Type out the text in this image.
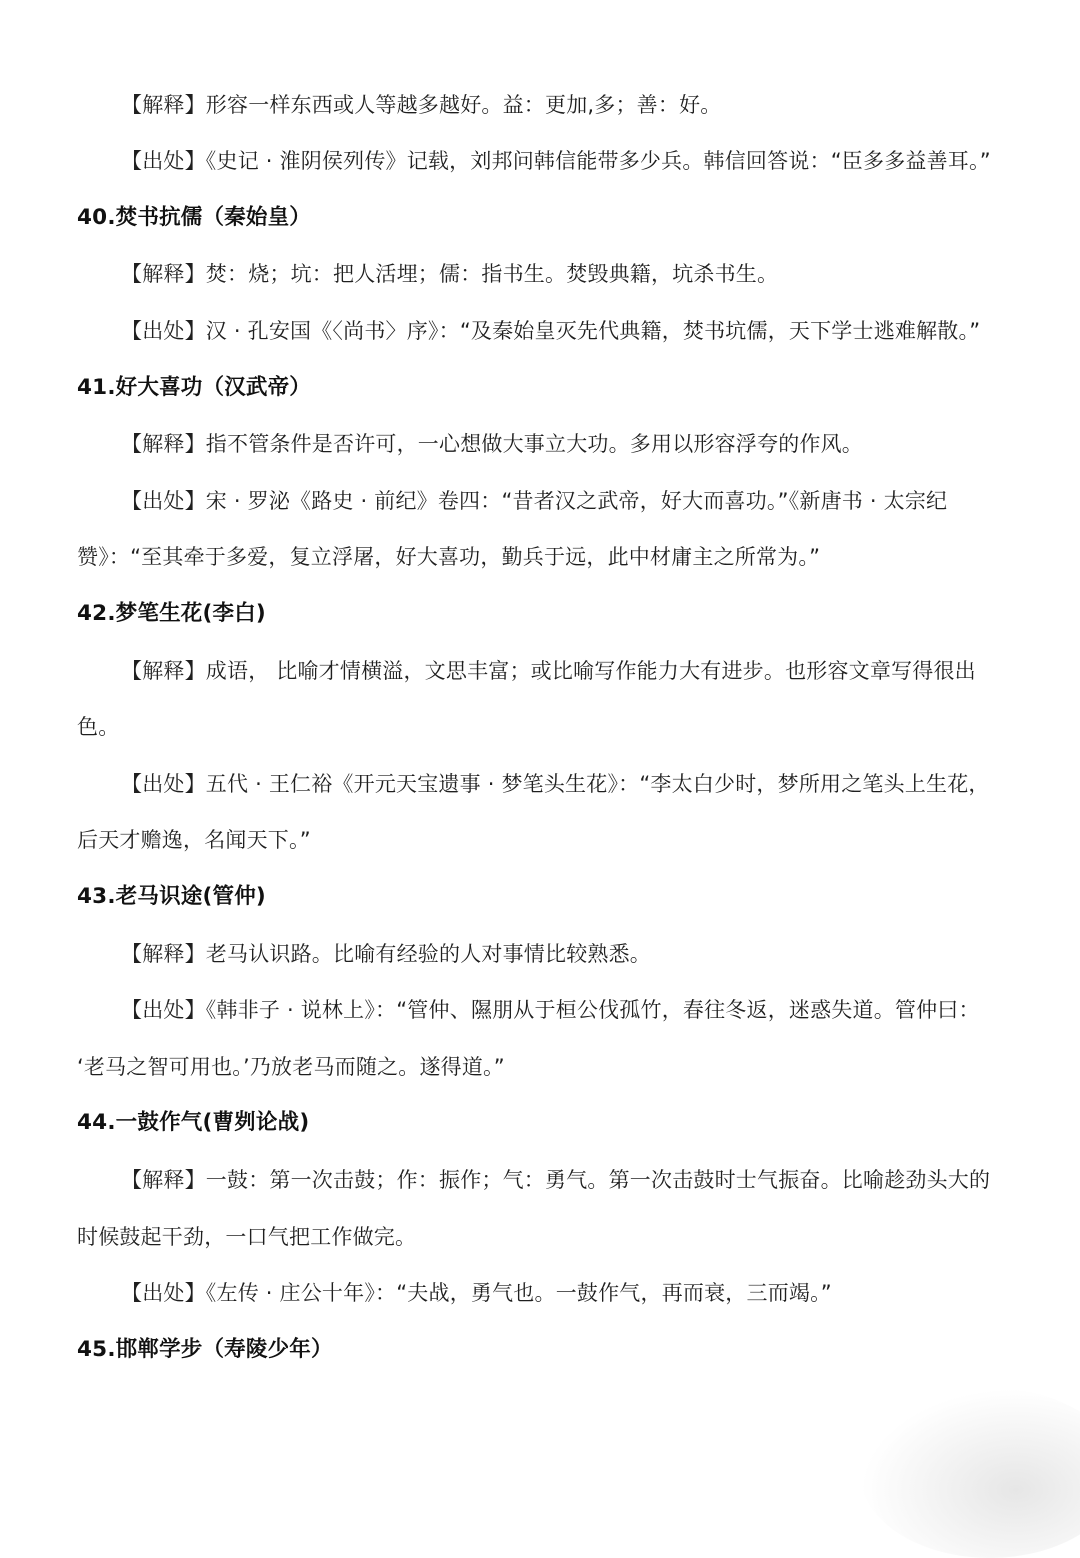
【解释】形容一样东西或人等越多越好。益：更加,多；善：好。
【出处】《史记 · 淮阴侯列传》记载，刘邦问韩信能带多少兵。韩信回答说：“臣多多益善耳。”
40.焚书抗儒（秦始皇）
【解释】焚：烧；坑：把人活埋；儒：指书生。焚毁典籍，坑杀书生。
【出处】汉 · 孔安国《〈尚书〉序》：“及秦始皇灭先代典籍，焚书坑儒，天下学士逃难解散。”
41.好大喜功（汉武帝）
【解释】指不管条件是否许可，一心想做大事立大功。多用以形容浮夸的作风。
【出处】宋 · 罗泌《路史 · 前纪》卷四：“昔者汉之武帝，好大而喜功。”《新唐书 · 太宗纪
赞》：“至其牵于多爱，复立浮屠，好大喜功，勤兵于远，此中材庸主之所常为。”
42.梦笔生花(李白)
【解释】成语， 比喻才情横溢，文思丰富；或比喻写作能力大有进步。也形容文章写得很出
色。
【出处】五代 · 王仁裕《开元天宝遗事 · 梦笔头生花》：“李太白少时，梦所用之笔头上生花，
后天才赡逸，名闻天下。”
43.老马识途(管仲)
【解释】老马认识路。比喻有经验的人对事情比较熟悉。
【出处】《韩非子 · 说林上》：“管仲、隰朋从于桓公伐孤竹，春往冬返，迷惑失道。管仲曰：
‘老马之智可用也。’乃放老马而随之。遂得道。”
44.一鼓作气(曹刿论战)
【解释】一鼓：第一次击鼓；作：振作；气：勇气。第一次击鼓时士气振奋。比喻趁劲头大的
时候鼓起干劲，一口气把工作做完。
【出处】《左传 · 庄公十年》：“夫战，勇气也。一鼓作气，再而衰，三而竭。”
45.邯郸学步（寿陵少年）
